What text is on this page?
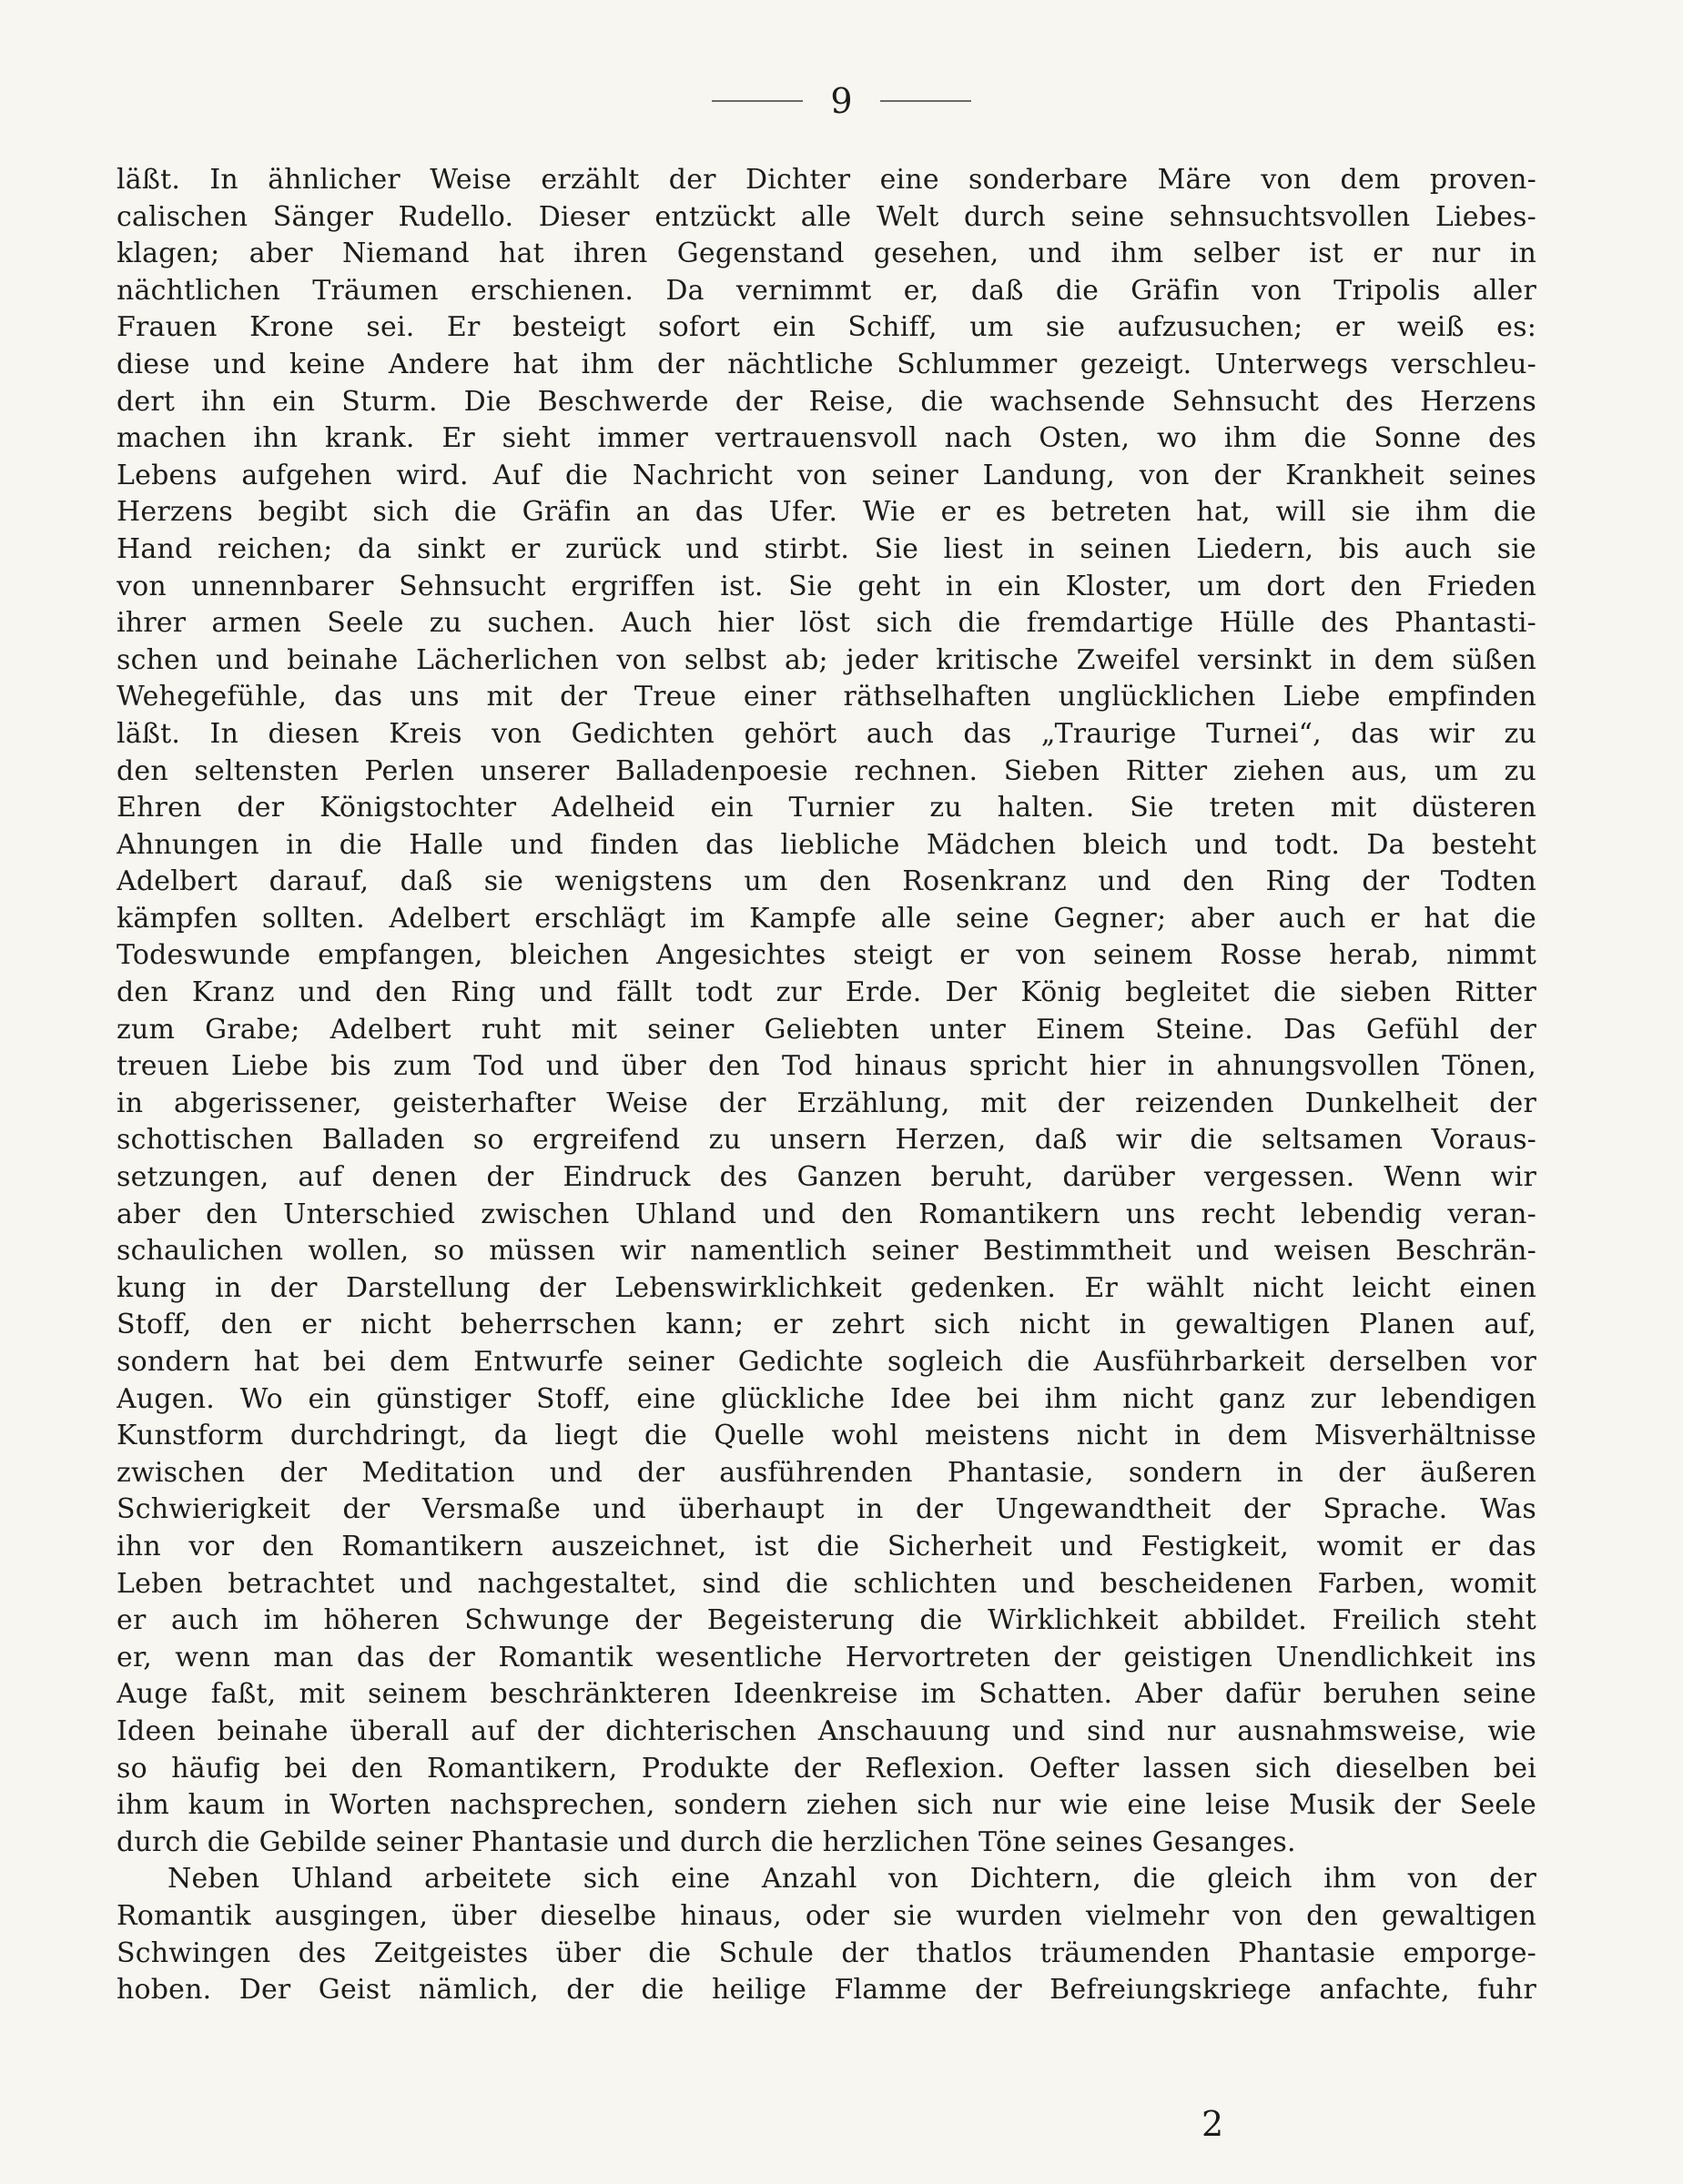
9
läßt. In ähnlicher Weise erzählt der Dichter eine sonderbare Märe von dem proven-
calischen Sänger Rudello. Dieser entzückt alle Welt durch seine sehnsuchtsvollen Liebes-
klagen; aber Niemand hat ihren Gegenstand gesehen, und ihm selber ist er nur in
nächtlichen Träumen erschienen. Da vernimmt er, daß die Gräfin von Tripolis aller
Frauen Krone sei. Er besteigt sofort ein Schiff, um sie aufzusuchen; er weiß es:
diese und keine Andere hat ihm der nächtliche Schlummer gezeigt. Unterwegs verschleu-
dert ihn ein Sturm. Die Beschwerde der Reise, die wachsende Sehnsucht des Herzens
machen ihn krank. Er sieht immer vertrauensvoll nach Osten, wo ihm die Sonne des
Lebens aufgehen wird. Auf die Nachricht von seiner Landung, von der Krankheit seines
Herzens begibt sich die Gräfin an das Ufer. Wie er es betreten hat, will sie ihm die
Hand reichen; da sinkt er zurück und stirbt. Sie liest in seinen Liedern, bis auch sie
von unnennbarer Sehnsucht ergriffen ist. Sie geht in ein Kloster, um dort den Frieden
ihrer armen Seele zu suchen. Auch hier löst sich die fremdartige Hülle des Phantasti-
schen und beinahe Lächerlichen von selbst ab; jeder kritische Zweifel versinkt in dem süßen
Wehegefühle, das uns mit der Treue einer räthselhaften unglücklichen Liebe empfinden
läßt. In diesen Kreis von Gedichten gehört auch das „Traurige Turnei“, das wir zu
den seltensten Perlen unserer Balladenpoesie rechnen. Sieben Ritter ziehen aus, um zu
Ehren der Königstochter Adelheid ein Turnier zu halten. Sie treten mit düsteren
Ahnungen in die Halle und finden das liebliche Mädchen bleich und todt. Da besteht
Adelbert darauf, daß sie wenigstens um den Rosenkranz und den Ring der Todten
kämpfen sollten. Adelbert erschlägt im Kampfe alle seine Gegner; aber auch er hat die
Todeswunde empfangen, bleichen Angesichtes steigt er von seinem Rosse herab, nimmt
den Kranz und den Ring und fällt todt zur Erde. Der König begleitet die sieben Ritter
zum Grabe; Adelbert ruht mit seiner Geliebten unter Einem Steine. Das Gefühl der
treuen Liebe bis zum Tod und über den Tod hinaus spricht hier in ahnungsvollen Tönen,
in abgerissener, geisterhafter Weise der Erzählung, mit der reizenden Dunkelheit der
schottischen Balladen so ergreifend zu unsern Herzen, daß wir die seltsamen Voraus-
setzungen, auf denen der Eindruck des Ganzen beruht, darüber vergessen. Wenn wir
aber den Unterschied zwischen Uhland und den Romantikern uns recht lebendig veran-
schaulichen wollen, so müssen wir namentlich seiner Bestimmtheit und weisen Beschrän-
kung in der Darstellung der Lebenswirklichkeit gedenken. Er wählt nicht leicht einen
Stoff, den er nicht beherrschen kann; er zehrt sich nicht in gewaltigen Planen auf,
sondern hat bei dem Entwurfe seiner Gedichte sogleich die Ausführbarkeit derselben vor
Augen. Wo ein günstiger Stoff, eine glückliche Idee bei ihm nicht ganz zur lebendigen
Kunstform durchdringt, da liegt die Quelle wohl meistens nicht in dem Misverhältnisse
zwischen der Meditation und der ausführenden Phantasie, sondern in der äußeren
Schwierigkeit der Versmaße und überhaupt in der Ungewandtheit der Sprache. Was
ihn vor den Romantikern auszeichnet, ist die Sicherheit und Festigkeit, womit er das
Leben betrachtet und nachgestaltet, sind die schlichten und bescheidenen Farben, womit
er auch im höheren Schwunge der Begeisterung die Wirklichkeit abbildet. Freilich steht
er, wenn man das der Romantik wesentliche Hervortreten der geistigen Unendlichkeit ins
Auge faßt, mit seinem beschränkteren Ideenkreise im Schatten. Aber dafür beruhen seine
Ideen beinahe überall auf der dichterischen Anschauung und sind nur ausnahmsweise, wie
so häufig bei den Romantikern, Produkte der Reflexion. Oefter lassen sich dieselben bei
ihm kaum in Worten nachsprechen, sondern ziehen sich nur wie eine leise Musik der Seele
durch die Gebilde seiner Phantasie und durch die herzlichen Töne seines Gesanges.
Neben Uhland arbeitete sich eine Anzahl von Dichtern, die gleich ihm von der
Romantik ausgingen, über dieselbe hinaus, oder sie wurden vielmehr von den gewaltigen
Schwingen des Zeitgeistes über die Schule der thatlos träumenden Phantasie emporge-
hoben. Der Geist nämlich, der die heilige Flamme der Befreiungskriege anfachte, fuhr
2
